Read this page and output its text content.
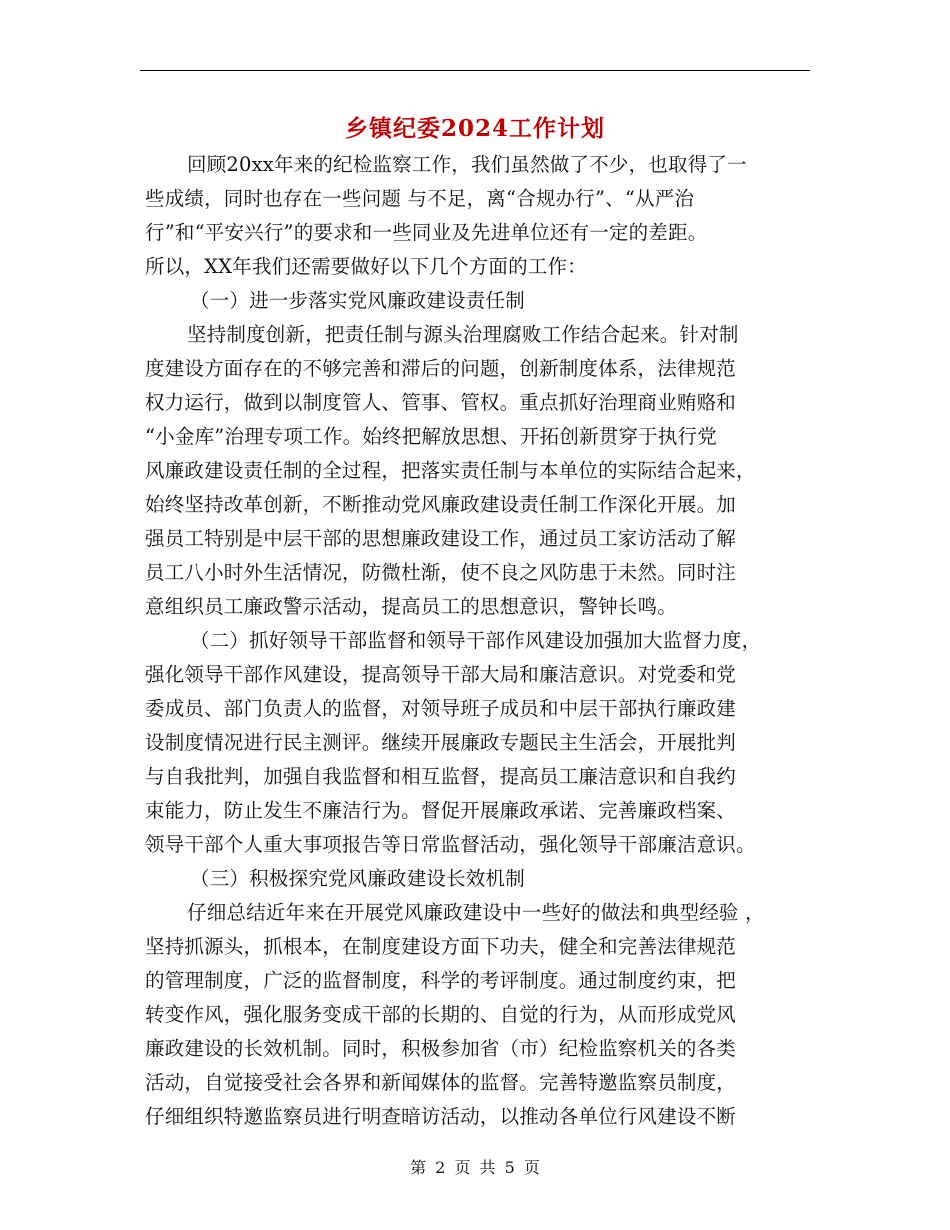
乡镇纪委2024工作计划
回顾20xx年来的纪检监察工作，我们虽然做了不少，也取得了一
些成绩，同时也存在一些问题 与不足，离“合规办行”、“从严治
行”和“平安兴行”的要求和一些同业及先进单位还有一定的差距。
所以，XX年我们还需要做好以下几个方面的工作：
（一）进一步落实党风廉政建设责任制
坚持制度创新，把责任制与源头治理腐败工作结合起来。针对制
度建设方面存在的不够完善和滞后的问题，创新制度体系，法律规范
权力运行，做到以制度管人、管事、管权。重点抓好治理商业贿赂和
“小金库”治理专项工作。始终把解放思想、开拓创新贯穿于执行党
风廉政建设责任制的全过程，把落实责任制与本单位的实际结合起来，
始终坚持改革创新，不断推动党风廉政建设责任制工作深化开展。加
强员工特别是中层干部的思想廉政建设工作，通过员工家访活动了解
员工八小时外生活情况，防微杜渐，使不良之风防患于未然。同时注
意组织员工廉政警示活动，提高员工的思想意识，警钟长鸣。
（二）抓好领导干部监督和领导干部作风建设加强加大监督力度，
强化领导干部作风建设，提高领导干部大局和廉洁意识。对党委和党
委成员、部门负责人的监督，对领导班子成员和中层干部执行廉政建
设制度情况进行民主测评。继续开展廉政专题民主生活会，开展批判
与自我批判，加强自我监督和相互监督，提高员工廉洁意识和自我约
束能力，防止发生不廉洁行为。督促开展廉政承诺、完善廉政档案、
领导干部个人重大事项报告等日常监督活动，强化领导干部廉洁意识。
（三）积极探究党风廉政建设长效机制
仔细总结近年来在开展党风廉政建设中一些好的做法和典型经验 ，
坚持抓源头，抓根本，在制度建设方面下功夫，健全和完善法律规范
的管理制度，广泛的监督制度，科学的考评制度。通过制度约束，把
转变作风，强化服务变成干部的长期的、自觉的行为，从而形成党风
廉政建设的长效机制。同时，积极参加省（市）纪检监察机关的各类
活动，自觉接受社会各界和新闻媒体的监督。完善特邀监察员制度，
仔细组织特邀监察员进行明查暗访活动，以推动各单位行风建设不断
第 2 页 共 5 页
